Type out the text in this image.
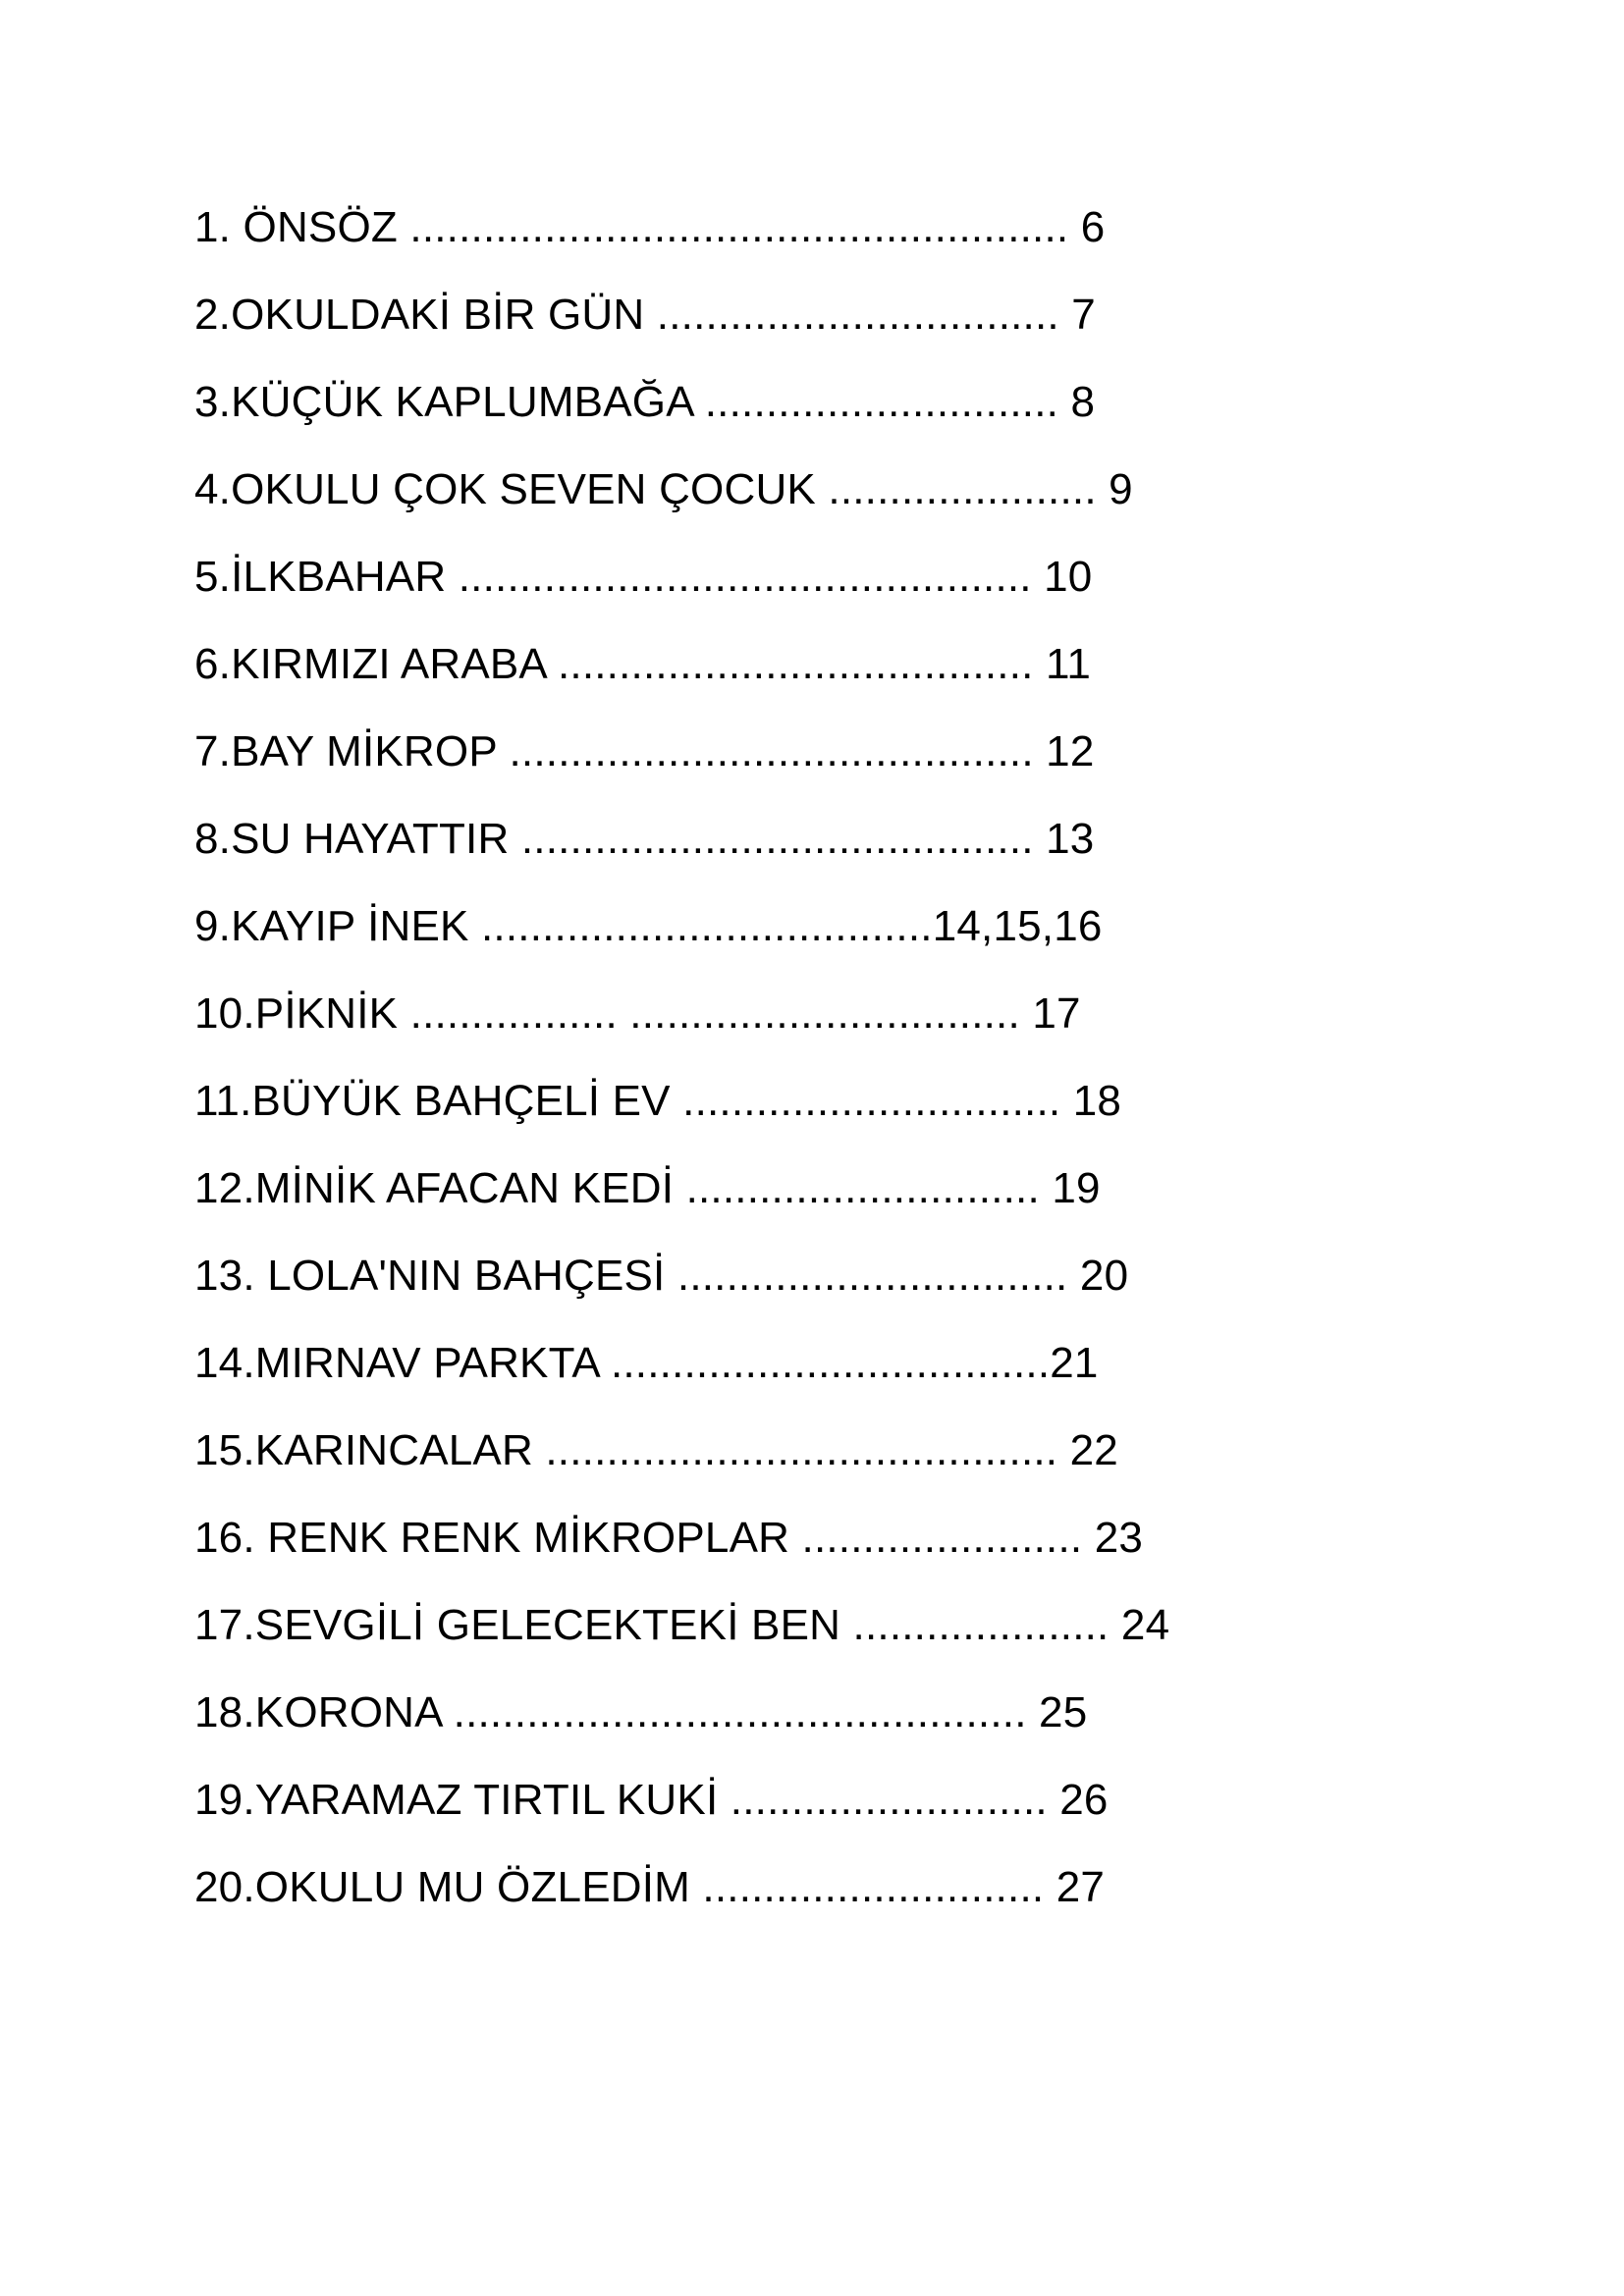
1. ÖNSÖZ ...................................................... 6
2.OKULDAKİ BİR GÜN ................................. 7
3.KÜÇÜK KAPLUMBAĞA ............................. 8
4.OKULU ÇOK SEVEN ÇOCUK ...................... 9
5.İLKBAHAR ............................................... 10
6.KIRMIZI ARABA ....................................... 11
7.BAY MİKROP ........................................... 12
8.SU HAYATTIR .......................................... 13
9.KAYIP İNEK .....................................14,15,16
10.PİKNİK ................. ................................ 17
11.BÜYÜK BAHÇELİ EV ............................... 18
12.MİNİK AFACAN KEDİ ............................. 19
13. LOLA'NIN BAHÇESİ ................................ 20
14.MIRNAV PARKTA ....................................21
15.KARINCALAR .......................................... 22
16. RENK RENK MİKROPLAR ....................... 23
17.SEVGİLİ GELECEKTEKİ BEN ..................... 24
18.KORONA ............................................... 25
19.YARAMAZ TIRTIL KUKİ .......................... 26
20.OKULU MU ÖZLEDİM ............................ 27
